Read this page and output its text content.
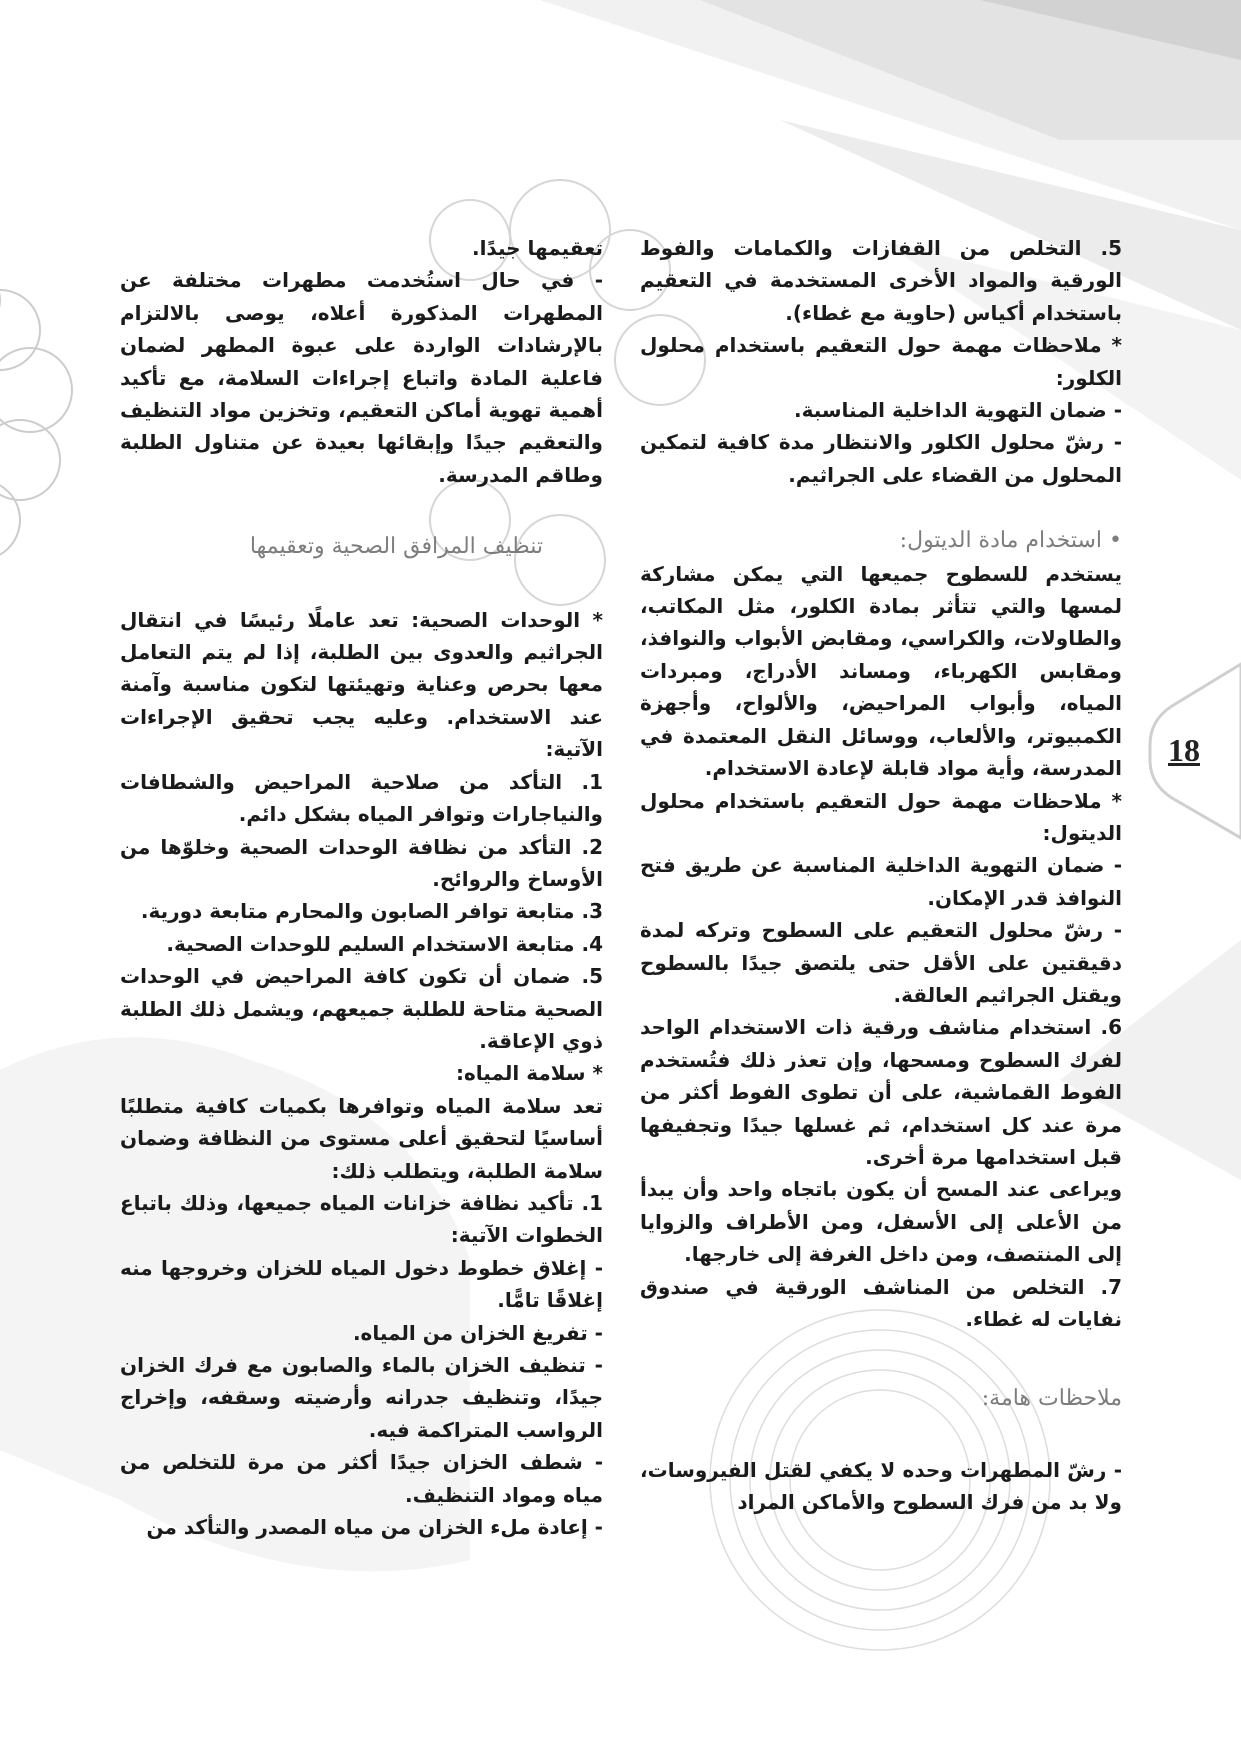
18

5. التخلص من القفازات والكمامات والفوط الورقية والمواد الأخرى المستخدمة في التعقيم باستخدام أكياس (حاوية مع غطاء).

* ملاحظات مهمة حول التعقيم باستخدام محلول الكلور:

- ضمان التهوية الداخلية المناسبة.

- رشّ محلول الكلور والانتظار مدة كافية لتمكين المحلول من القضاء على الجراثيم.

• استخدام مادة الديتول:

يستخدم للسطوح جميعها التي يمكن مشاركة لمسها والتي تتأثر بمادة الكلور، مثل المكاتب، والطاولات، والكراسي، ومقابض الأبواب والنوافذ، ومقابس الكهرباء، ومساند الأدراج، ومبردات المياه، وأبواب المراحيض، والألواح، وأجهزة الكمبيوتر، والألعاب، ووسائل النقل المعتمدة في المدرسة، وأية مواد قابلة لإعادة الاستخدام.

* ملاحظات مهمة حول التعقيم باستخدام محلول الديتول:

- ضمان التهوية الداخلية المناسبة عن طريق فتح النوافذ قدر الإمكان.

- رشّ محلول التعقيم على السطوح وتركه لمدة دقيقتين على الأقل حتى يلتصق جيدًا بالسطوح ويقتل الجراثيم العالقة.

6. استخدام مناشف ورقية ذات الاستخدام الواحد لفرك السطوح ومسحها، وإن تعذر ذلك فتُستخدم الفوط القماشية، على أن تطوى الفوط أكثر من مرة عند كل استخدام، ثم غسلها جيدًا وتجفيفها قبل استخدامها مرة أخرى.

ويراعى عند المسح أن يكون باتجاه واحد وأن يبدأ من الأعلى إلى الأسفل، ومن الأطراف والزوايا إلى المنتصف، ومن داخل الغرفة إلى خارجها.

7. التخلص من المناشف الورقية في صندوق نفايات له غطاء.

ملاحظات هامة:

- رشّ المطهرات وحده لا يكفي لقتل الفيروسات، ولا بد من فرك السطوح والأماكن المراد

تعقيمها جيدًا.

- في حال استُخدمت مطهرات مختلفة عن المطهرات المذكورة أعلاه، يوصى بالالتزام بالإرشادات الواردة على عبوة المطهر لضمان فاعلية المادة واتباع إجراءات السلامة، مع تأكيد أهمية تهوية أماكن التعقيم، وتخزين مواد التنظيف والتعقيم جيدًا وإبقائها بعيدة عن متناول الطلبة وطاقم المدرسة.

تنظيف المرافق الصحية وتعقيمها

* الوحدات الصحية: تعد عاملًا رئيسًا في انتقال الجراثيم والعدوى بين الطلبة، إذا لم يتم التعامل معها بحرص وعناية وتهيئتها لتكون مناسبة وآمنة عند الاستخدام. وعليه يجب تحقيق الإجراءات الآتية:

1. التأكد من صلاحية المراحيض والشطافات والنياجارات وتوافر المياه بشكل دائم.

2. التأكد من نظافة الوحدات الصحية وخلوّها من الأوساخ والروائح.

3. متابعة توافر الصابون والمحارم متابعة دورية.

4. متابعة الاستخدام السليم للوحدات الصحية.

5. ضمان أن تكون كافة المراحيض في الوحدات الصحية متاحة للطلبة جميعهم، ويشمل ذلك الطلبة ذوي الإعاقة.

* سلامة المياه:

تعد سلامة المياه وتوافرها بكميات كافية متطلبًا أساسيًا لتحقيق أعلى مستوى من النظافة وضمان سلامة الطلبة، ويتطلب ذلك:

1. تأكيد نظافة خزانات المياه جميعها، وذلك باتباع الخطوات الآتية:

- إغلاق خطوط دخول المياه للخزان وخروجها منه إغلاقًا تامًّا.

- تفريغ الخزان من المياه.

- تنظيف الخزان بالماء والصابون مع فرك الخزان جيدًا، وتنظيف جدرانه وأرضيته وسقفه، وإخراج الرواسب المتراكمة فيه.

- شطف الخزان جيدًا أكثر من مرة للتخلص من مياه ومواد التنظيف.

- إعادة ملء الخزان من مياه المصدر والتأكد من
